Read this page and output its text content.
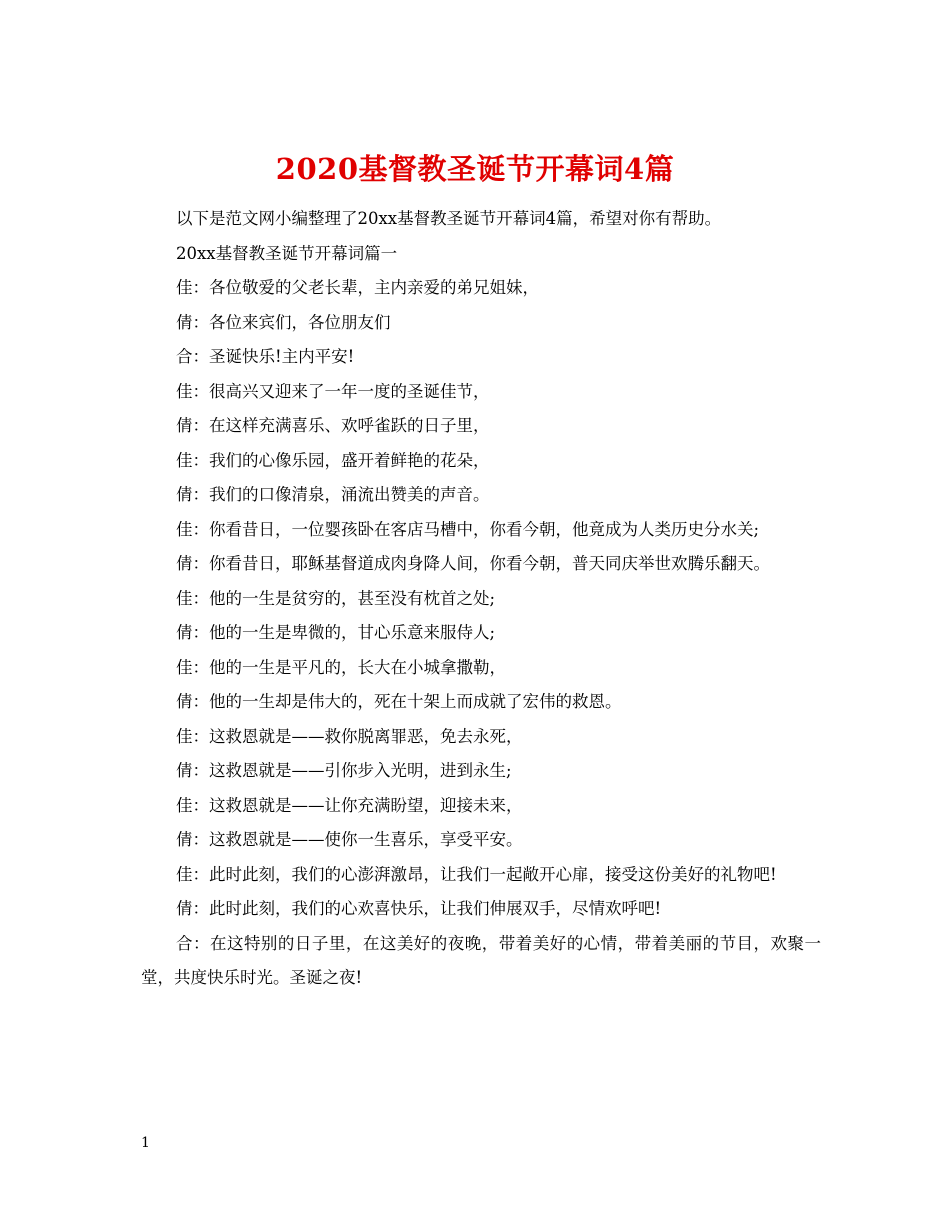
2020基督教圣诞节开幕词4篇

以下是范文网小编整理了20xx基督教圣诞节开幕词4篇，希望对你有帮助。

20xx基督教圣诞节开幕词篇一

佳：各位敬爱的父老长辈，主内亲爱的弟兄姐妹，

倩：各位来宾们，各位朋友们

合：圣诞快乐!主内平安!

佳：很高兴又迎来了一年一度的圣诞佳节，

倩：在这样充满喜乐、欢呼雀跃的日子里，

佳：我们的心像乐园，盛开着鲜艳的花朵，

倩：我们的口像清泉，涌流出赞美的声音。

佳：你看昔日，一位婴孩卧在客店马槽中，你看今朝，他竟成为人类历史分水关;

倩：你看昔日，耶稣基督道成肉身降人间，你看今朝，普天同庆举世欢腾乐翻天。

佳：他的一生是贫穷的，甚至没有枕首之处;

倩：他的一生是卑微的，甘心乐意来服侍人;

佳：他的一生是平凡的，长大在小城拿撒勒，

倩：他的一生却是伟大的，死在十架上而成就了宏伟的救恩。

佳：这救恩就是——救你脱离罪恶，免去永死，

倩：这救恩就是——引你步入光明，进到永生;

佳：这救恩就是——让你充满盼望，迎接未来，

倩：这救恩就是——使你一生喜乐，享受平安。

佳：此时此刻，我们的心澎湃激昂，让我们一起敞开心扉，接受这份美好的礼物吧!

倩：此时此刻，我们的心欢喜快乐，让我们伸展双手，尽情欢呼吧!

合：在这特别的日子里，在这美好的夜晚，带着美好的心情，带着美丽的节目，欢聚一堂，共度快乐时光。圣诞之夜!

1
